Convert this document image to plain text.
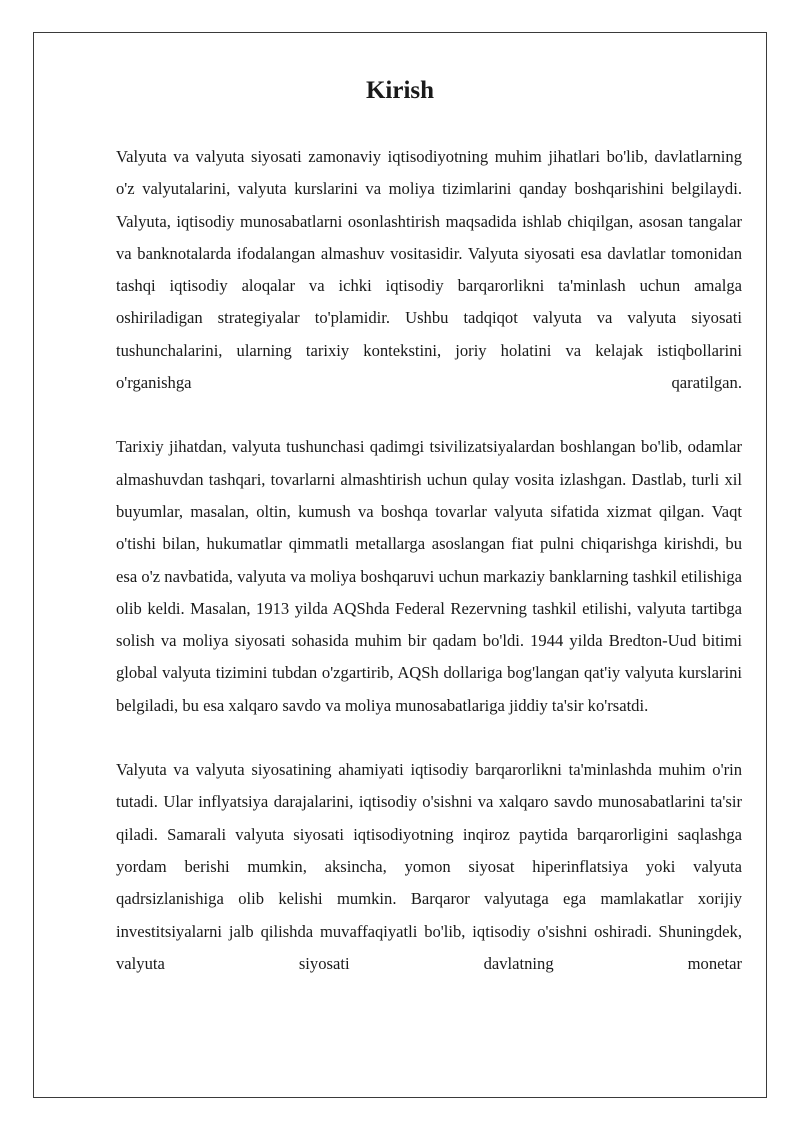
Kirish

Valyuta va valyuta siyosati zamonaviy iqtisodiyotning muhim jihatlari bo'lib, davlatlarning o'z valyutalarini, valyuta kurslarini va moliya tizimlarini qanday boshqarishini belgilaydi. Valyuta, iqtisodiy munosabatlarni osonlashtirish maqsadida ishlab chiqilgan, asosan tangalar va banknotalarda ifodalangan almashuv vositasidir. Valyuta siyosati esa davlatlar tomonidan tashqi iqtisodiy aloqalar va ichki iqtisodiy barqarorlikni ta'minlash uchun amalga oshiriladigan strategiyalar to'plamidir. Ushbu tadqiqot valyuta va valyuta siyosati tushunchalarini, ularning tarixiy kontekstini, joriy holatini va kelajak istiqbollarini o'rganishga qaratilgan.

Tarixiy jihatdan, valyuta tushunchasi qadimgi tsivilizatsiyalardan boshlangan bo'lib, odamlar almashuvdan tashqari, tovarlarni almashtirish uchun qulay vosita izlashgan. Dastlab, turli xil buyumlar, masalan, oltin, kumush va boshqa tovarlar valyuta sifatida xizmat qilgan. Vaqt o'tishi bilan, hukumatlar qimmatli metallarga asoslangan fiat pulni chiqarishga kirishdi, bu esa o'z navbatida, valyuta va moliya boshqaruvi uchun markaziy banklarning tashkil etilishiga olib keldi. Masalan, 1913 yilda AQShda Federal Rezervning tashkil etilishi, valyuta tartibga solish va moliya siyosati sohasida muhim bir qadam bo'ldi. 1944 yilda Bredton-Uud bitimi global valyuta tizimini tubdan o'zgartirib, AQSh dollariga bog'langan qat'iy valyuta kurslarini belgiladi, bu esa xalqaro savdo va moliya munosabatlariga jiddiy ta'sir ko'rsatdi.

Valyuta va valyuta siyosatining ahamiyati iqtisodiy barqarorlikni ta'minlashda muhim o'rin tutadi. Ular inflyatsiya darajalarini, iqtisodiy o'sishni va xalqaro savdo munosabatlarini ta'sir qiladi. Samarali valyuta siyosati iqtisodiyotning inqiroz paytida barqarorligini saqlashga yordam berishi mumkin, aksincha, yomon siyosat hiperinflatsiya yoki valyuta qadrsizlanishiga olib kelishi mumkin. Barqaror valyutaga ega mamlakatlar xorijiy investitsiyalarni jalb qilishda muvaffaqiyatli bo'lib, iqtisodiy o'sishni oshiradi. Shuningdek, valyuta siyosati davlatning monetar
